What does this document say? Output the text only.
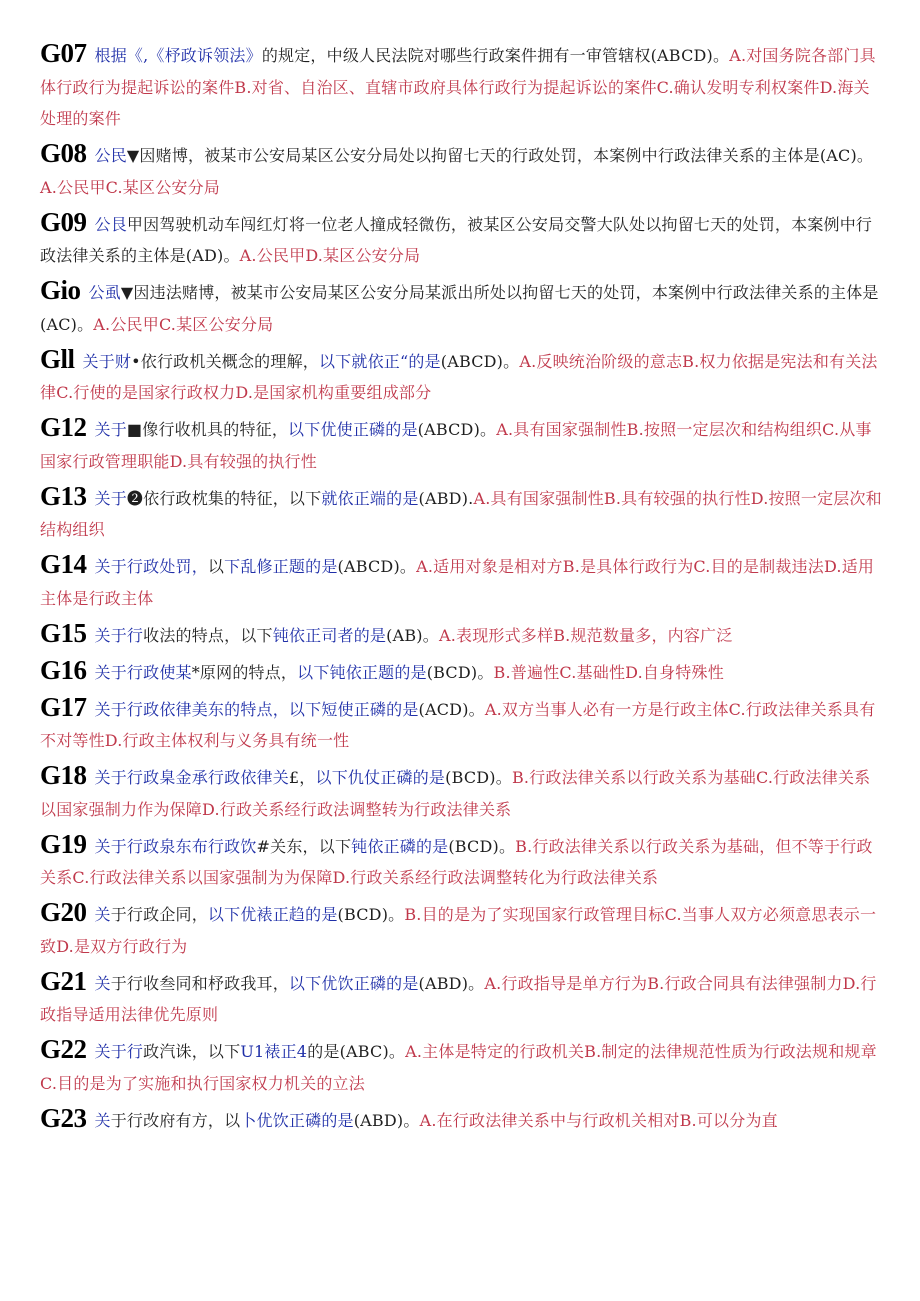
G07 根据《,《杼政诉领法》的规定，中级人民法院对哪些行政案件拥有一审管辖权(ABCD)。A.对国务院各部门具体行政行为提起诉讼的案件B.对省、自治区、直辖市政府具体行政行为提起诉讼的案件C.确认发明专利权案件D.海关处理的案件

G08 公民▼因赌博，被某市公安局某区公安分局处以拘留七天的行政处罚，本案例中行政法律关系的主体是(AC)。A.公民甲C.某区公安分局

G09 公艮甲因驾驶机动车闯红灯将一位老人撞成轻微伤，被某区公安局交警大队处以拘留七天的处罚，本案例中行政法律关系的主体是(AD)。A.公民甲D.某区公安分局

Gio 公虱▼因违法赌博，被某市公安局某区公安分局某派出所处以拘留七天的处罚，本案例中行政法律关系的主体是(AC)。A.公民甲C.某区公安分局

Gll 关于财•依行政机关概念的理解，以下就依正“的是(ABCD)。A.反映统治阶级的意志B.权力依据是宪法和有关法律C.行使的是国家行政权力D.是国家机构重要组成部分

G12 关于■像行收机具的特征，以下优使正磷的是(ABCD)。A.具有国家强制性B.按照一定层次和结构组织C.从事国家行政管理职能D.具有较强的执行性

G13 关于❷依行政枕集的特征，以下就依正端的是(ABD).A.具有国家强制性B.具有较强的执行性D.按照一定层次和结构组织

G14 关于行政处罚，以下乱修正题的是(ABCD)。A.适用对象是相对方B.是具体行政行为C.目的是制裁违法D.适用主体是行政主体

G15 关于行收法的特点，以下钝依正司者的是(AB)。A.表现形式多样B.规范数量多，内容广泛

G16 关于行政使某*原网的特点，以下钝依正题的是(BCD)。B.普遍性C.基础性D.自身特殊性

G17 关于行政依律美东的特点，以下短使正磷的是(ACD)。A.双方当事人必有一方是行政主体C.行政法律关系具有不对等性D.行政主体权利与义务具有统一性

G18 关于行政臬金承行政依律关£，以下仇仗正磷的是(BCD)。B.行政法律关系以行政关系为基础C.行政法律关系以国家强制力作为保障D.行政关系经行政法调整转为行政法律关系

G19 关于行政泉东布行政饮#关东，以下钝依正磷的是(BCD)。B.行政法律关系以行政关系为基础，但不等于行政关系C.行政法律关系以国家强制为为保障D.行政关系经行政法调整转化为行政法律关系

G20 关于行政企同，以下优裱正趋的是(BCD)。B.目的是为了实现国家行政管理目标C.当事人双方必须意思表示一致D.是双方行政行为

G21 关于行收叁同和杼政我耳，以下优饮正磷的是(ABD)。A.行政指导是单方行为B.行政合同具有法律强制力D.行政指导适用法律优先原则

G22 关于行政汽诛，以下U1裱正4的是(ABC)。A.主体是特定的行政机关B.制定的法律规范性质为行政法规和规章C.目的是为了实施和执行国家权力机关的立法

G23 关于行改府有方，以卜优饮正磷的是(ABD)。A.在行政法律关系中与行政机关相对B.可以分为直
